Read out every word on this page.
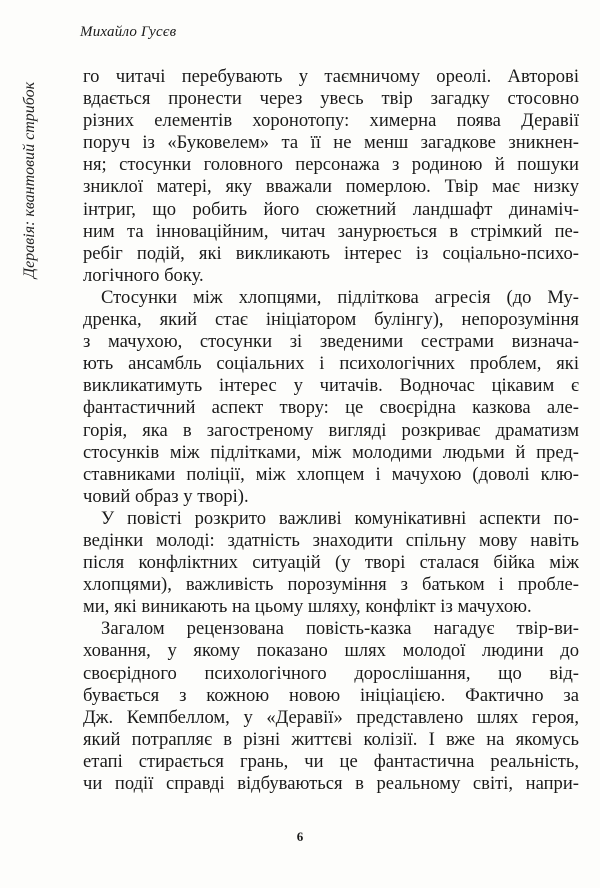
Михайло Гусєв
Деравія: квантовий стрибок
го читачі перебувають у таємничому ореолі. Авторові
вдається пронести через увесь твір загадку стосовно
різних елементів хоронотопу: химерна поява Деравії
поруч із «Буковелем» та її не менш загадкове зникнен-
ня; стосунки головного персонажа з родиною й пошуки
зниклої матері, яку вважали померлою. Твір має низку
інтриг, що робить його сюжетний ландшафт динаміч-
ним та інноваційним, читач занурюється в стрімкий пе-
ребіг подій, які викликають інтерес із соціально-психо-
логічного боку.
Стосунки між хлопцями, підліткова агресія (до Му-
дренка, який стає ініціатором булінгу), непорозуміння
з мачухою, стосунки зі зведеними сестрами визнача-
ють ансамбль соціальних і психологічних проблем, які
викликатимуть інтерес у читачів. Водночас цікавим є
фантастичний аспект твору: це своєрідна казкова але-
горія, яка в загостреному вигляді розкриває драматизм
стосунків між підлітками, між молодими людьми й пред-
ставниками поліції, між хлопцем і мачухою (доволі клю-
човий образ у творі).
У повісті розкрито важливі комунікативні аспекти по-
ведінки молоді: здатність знаходити спільну мову навіть
після конфліктних ситуацій (у творі сталася бійка між
хлопцями), важливість порозуміння з батьком і пробле-
ми, які виникають на цьому шляху, конфлікт із мачухою.
Загалом рецензована повість-казка нагадує твір-ви-
ховання, у якому показано шлях молодої людини до
своєрідного психологічного дорослішання, що від-
бувається з кожною новою ініціацією. Фактично за
Дж. Кемпбеллом, у «Деравії» представлено шлях героя,
який потрапляє в різні життєві колізії. І вже на якомусь
етапі стирається грань, чи це фантастична реальність,
чи події справді відбуваються в реальному світі, напри-
6
